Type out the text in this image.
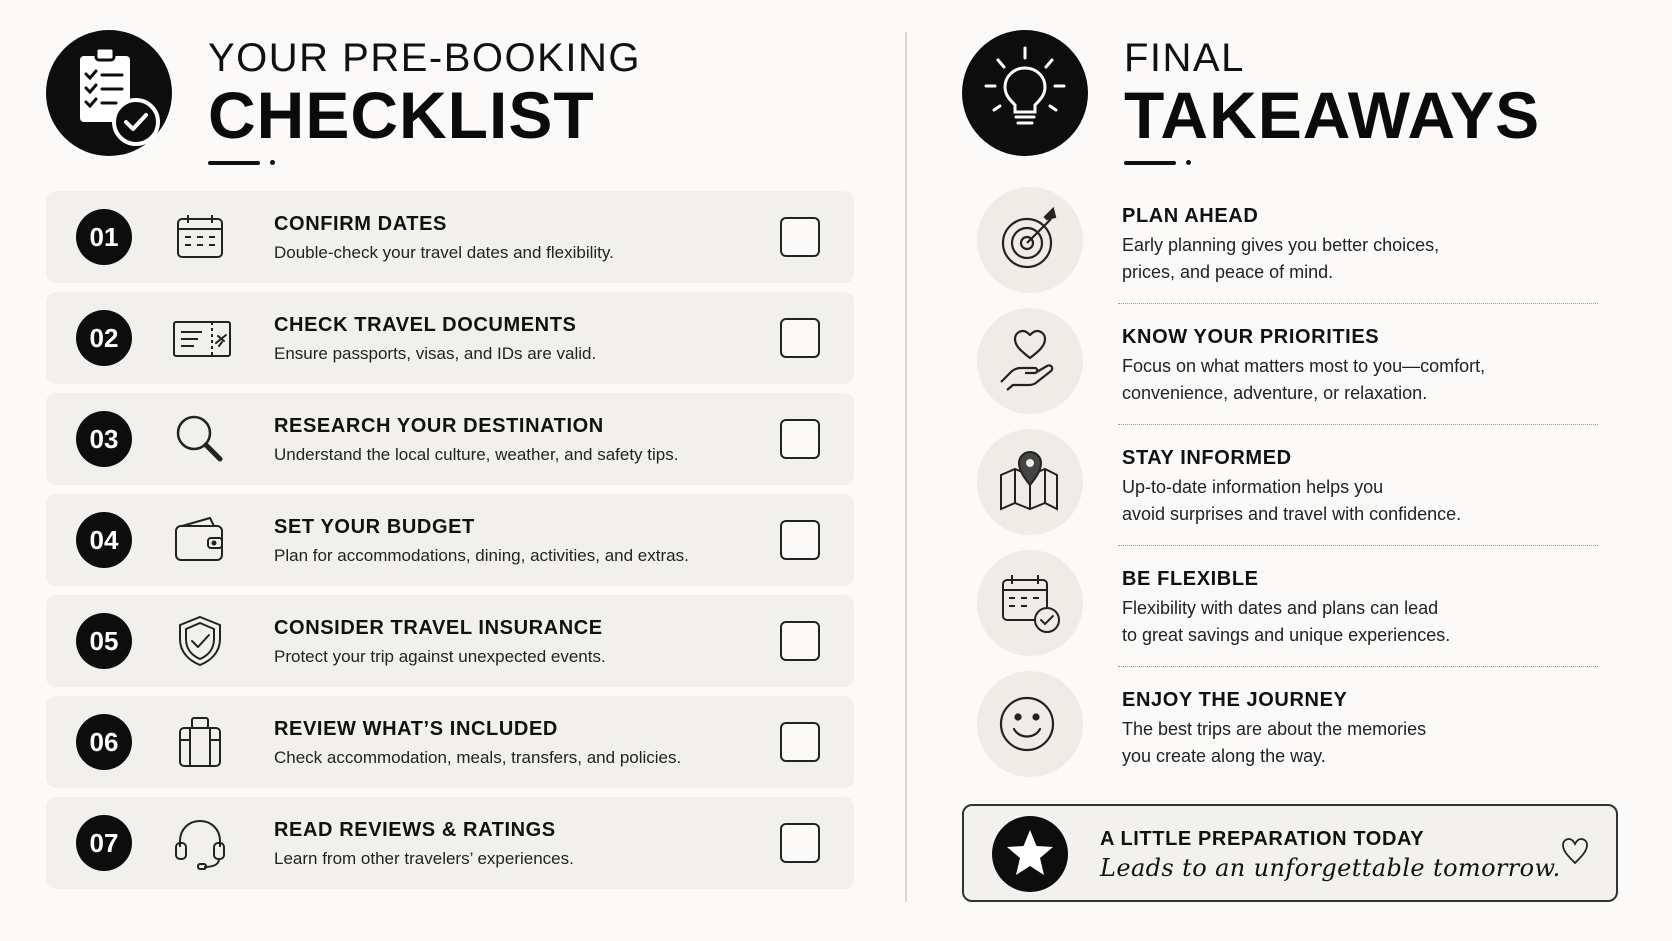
YOUR PRE-BOOKING
CHECKLIST
01	CONFIRM DATES
Double-check your travel dates and flexibility.
02	CHECK TRAVEL DOCUMENTS
Ensure passports, visas, and IDs are valid.
03	RESEARCH YOUR DESTINATION
Understand the local culture, weather, and safety tips.
04	SET YOUR BUDGET
Plan for accommodations, dining, activities, and extras.
05	CONSIDER TRAVEL INSURANCE
Protect your trip against unexpected events.
06	REVIEW WHAT’S INCLUDED
Check accommodation, meals, transfers, and policies.
07	READ REVIEWS & RATINGS
Learn from other travelers’ experiences.
FINAL
TAKEAWAYS
PLAN AHEAD
Early planning gives you better choices,
prices, and peace of mind.
KNOW YOUR PRIORITIES
Focus on what matters most to you—comfort,
convenience, adventure, or relaxation.
STAY INFORMED
Up-to-date information helps you
avoid surprises and travel with confidence.
BE FLEXIBLE
Flexibility with dates and plans can lead
to great savings and unique experiences.
ENJOY THE JOURNEY
The best trips are about the memories
you create along the way.
A LITTLE PREPARATION TODAY
Leads to an unforgettable tomorrow.
